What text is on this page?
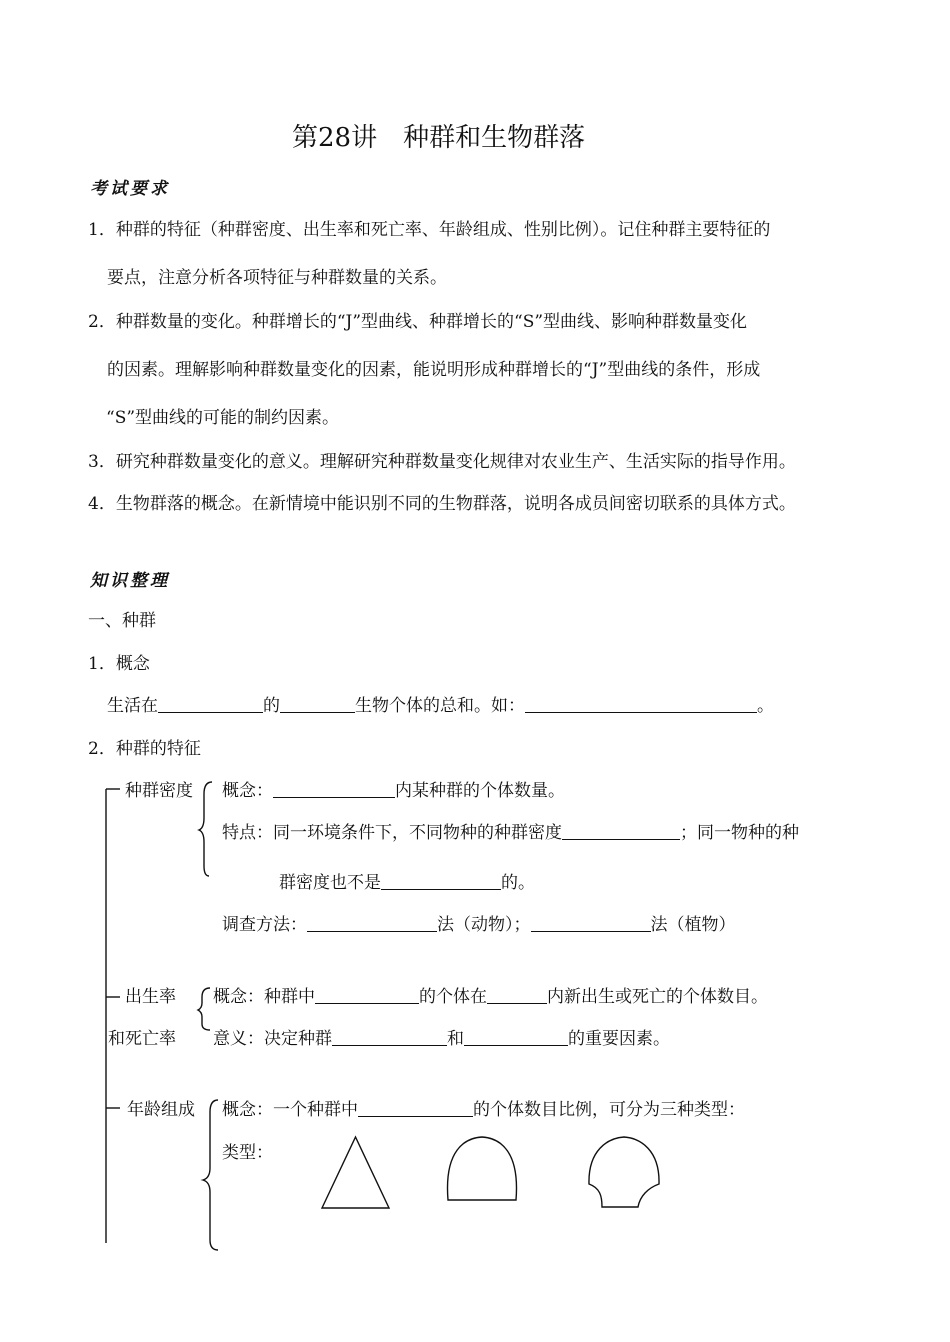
第28讲　种群和生物群落
考试要求
1．种群的特征（种群密度、出生率和死亡率、年龄组成、性别比例）。记住种群主要特征的
要点，注意分析各项特征与种群数量的关系。
2．种群数量的变化。种群增长的“J”型曲线、种群增长的“S”型曲线、影响种群数量变化
的因素。理解影响种群数量变化的因素，能说明形成种群增长的“J”型曲线的条件，形成
“S”型曲线的可能的制约因素。
3．研究种群数量变化的意义。理解研究种群数量变化规律对农业生产、生活实际的指导作用。
4．生物群落的概念。在新情境中能识别不同的生物群落，说明各成员间密切联系的具体方式。
知识整理
一、种群
1．概念
生活在	的	生物个体的总和。如：	。
2．种群的特征
种群密度 概念：	内某种群的个体数量。
特点：同一环境条件下，不同物种的种群密度	；同一物种的种
群密度也不是	的。
调查方法：	法（动物）；	法（植物）
出生率
和死亡率
概念：种群中	的个体在	内新出生或死亡的个体数目。
意义：决定种群	和	的重要因素。
年龄组成 概念：一个种群中	的个体数目比例，可分为三种类型：
类型：
